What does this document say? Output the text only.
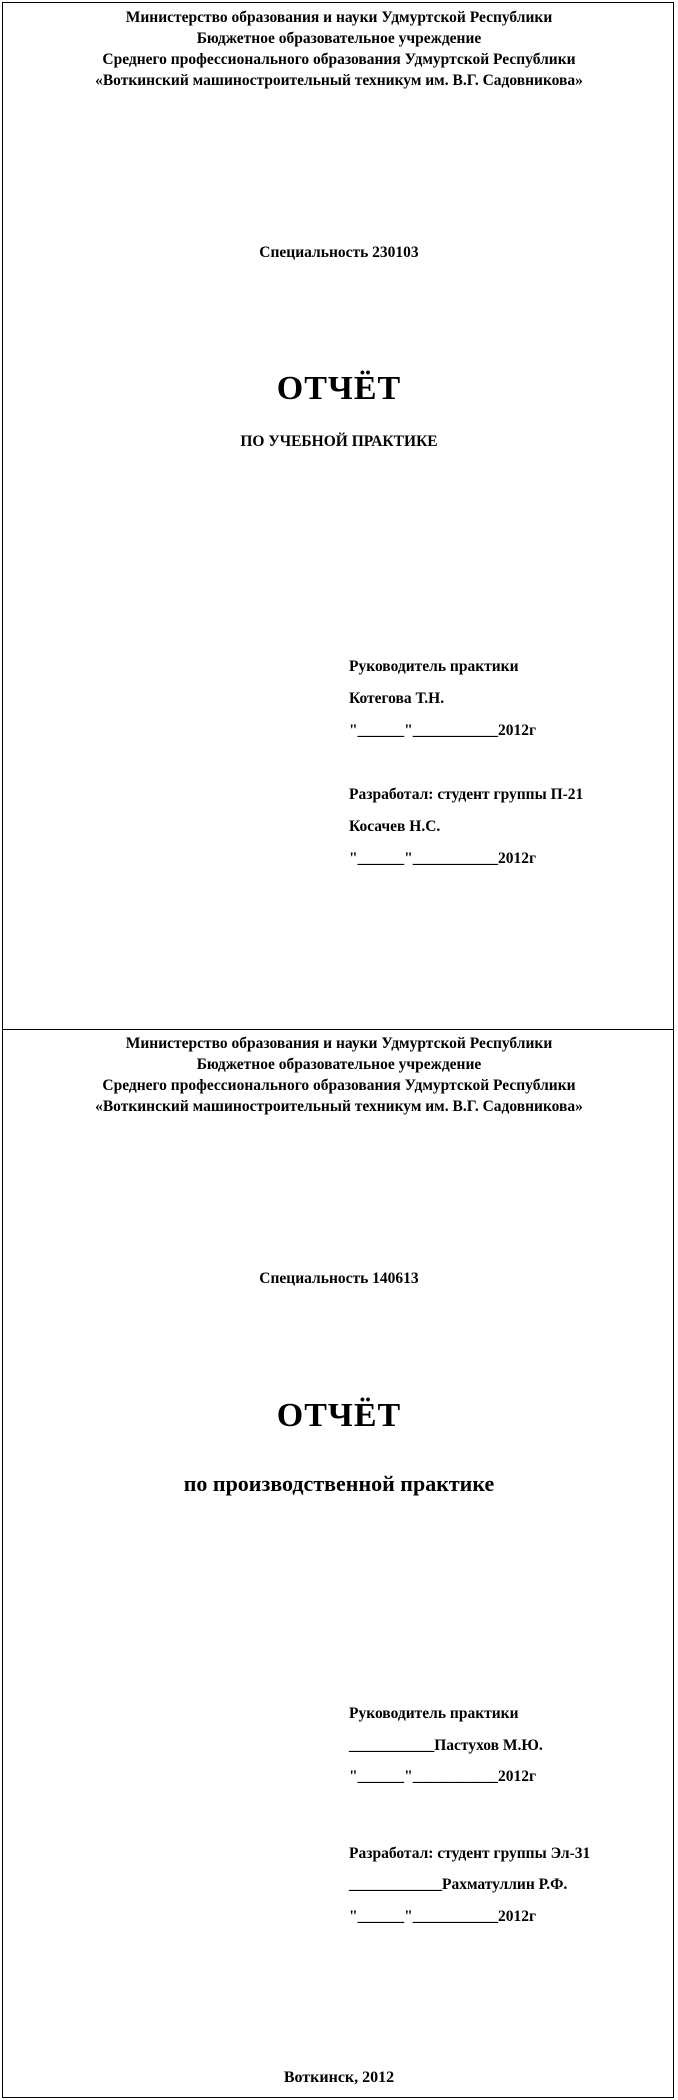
Министерство образования и науки Удмуртской Республики
Бюджетное образовательное учреждение
Среднего профессионального образования Удмуртской Республики
«Воткинский машиностроительный техникум им. В.Г. Садовникова»
Специальность 230103
ОТЧЁТ
ПО УЧЕБНОЙ ПРАКТИКЕ
Руководитель практики
Котегова Т.Н.
"______"___________2012г
Разработал: студент группы П-21
Косачев Н.С.
"______"___________2012г
Министерство образования и науки Удмуртской Республики
Бюджетное образовательное учреждение
Среднего профессионального образования Удмуртской Республики
«Воткинский машиностроительный техникум им. В.Г. Садовникова»
Специальность 140613
ОТЧЁТ
по производственной практике
Руководитель практики
___________Пастухов М.Ю.
"______"___________2012г
Разработал: студент группы Эл-31
____________Рахматуллин Р.Ф.
"______"___________2012г
Воткинск, 2012
